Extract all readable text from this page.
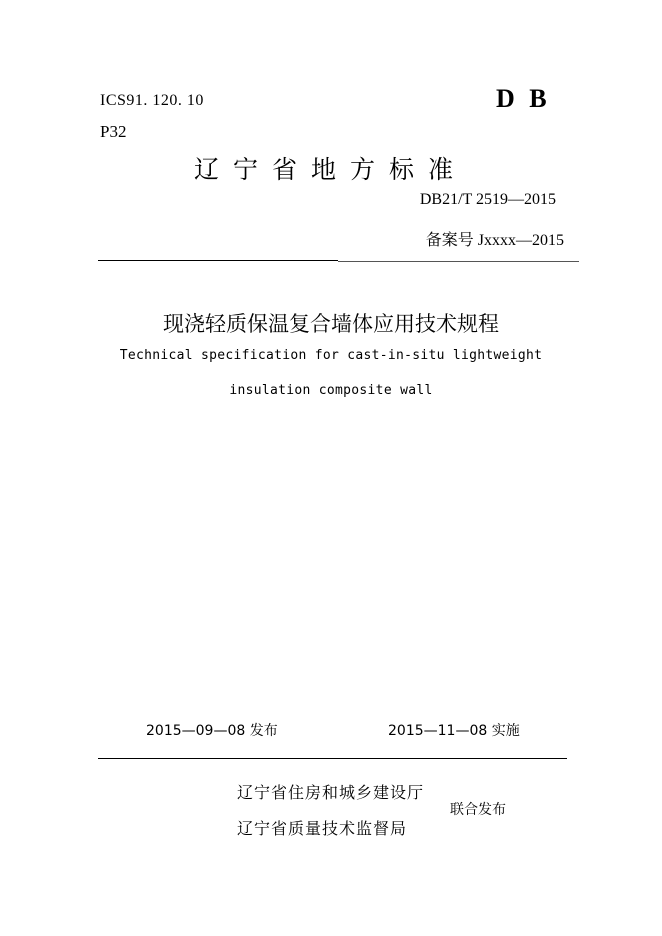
ICS91. 120. 10
P32
D B
辽宁省地方标准
DB21/T 2519—2015
备案号 Jxxxx—2015
现浇轻质保温复合墙体应用技术规程
Technical specification for cast-in-situ lightweight
insulation composite wall
2015—09—08 发布	2015—11—08 实施
辽宁省住房和城乡建设厅
辽宁省质量技术监督局
联合发布
